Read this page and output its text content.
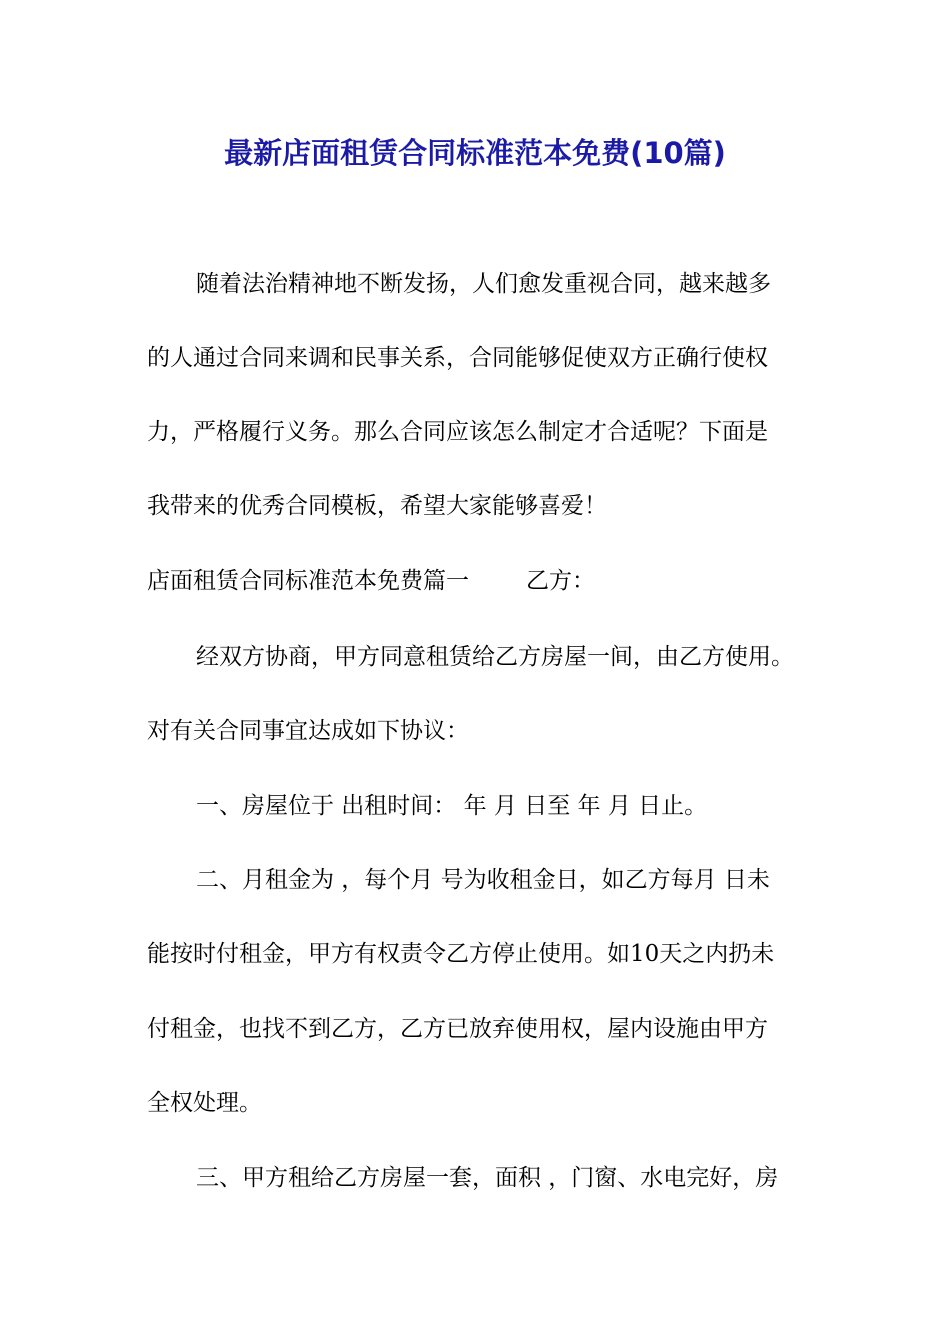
最新店面租赁合同标准范本免费(10篇)
随着法治精神地不断发扬，人们愈发重视合同，越来越多
的人通过合同来调和民事关系，合同能够促使双方正确行使权
力，严格履行义务。那么合同应该怎么制定才合适呢？下面是
我带来的优秀合同模板，希望大家能够喜爱！
店面租赁合同标准范本免费篇一 乙方：
经双方协商，甲方同意租赁给乙方房屋一间，由乙方使用。
对有关合同事宜达成如下协议：
一、房屋位于 出租时间： 年 月 日至 年 月 日止。
二、月租金为 ，每个月 号为收租金日，如乙方每月 日未
能按时付租金，甲方有权责令乙方停止使用。如10天之内扔未
付租金，也找不到乙方，乙方已放弃使用权，屋内设施由甲方
全权处理。
三、甲方租给乙方房屋一套，面积 ，门窗、水电完好，房
